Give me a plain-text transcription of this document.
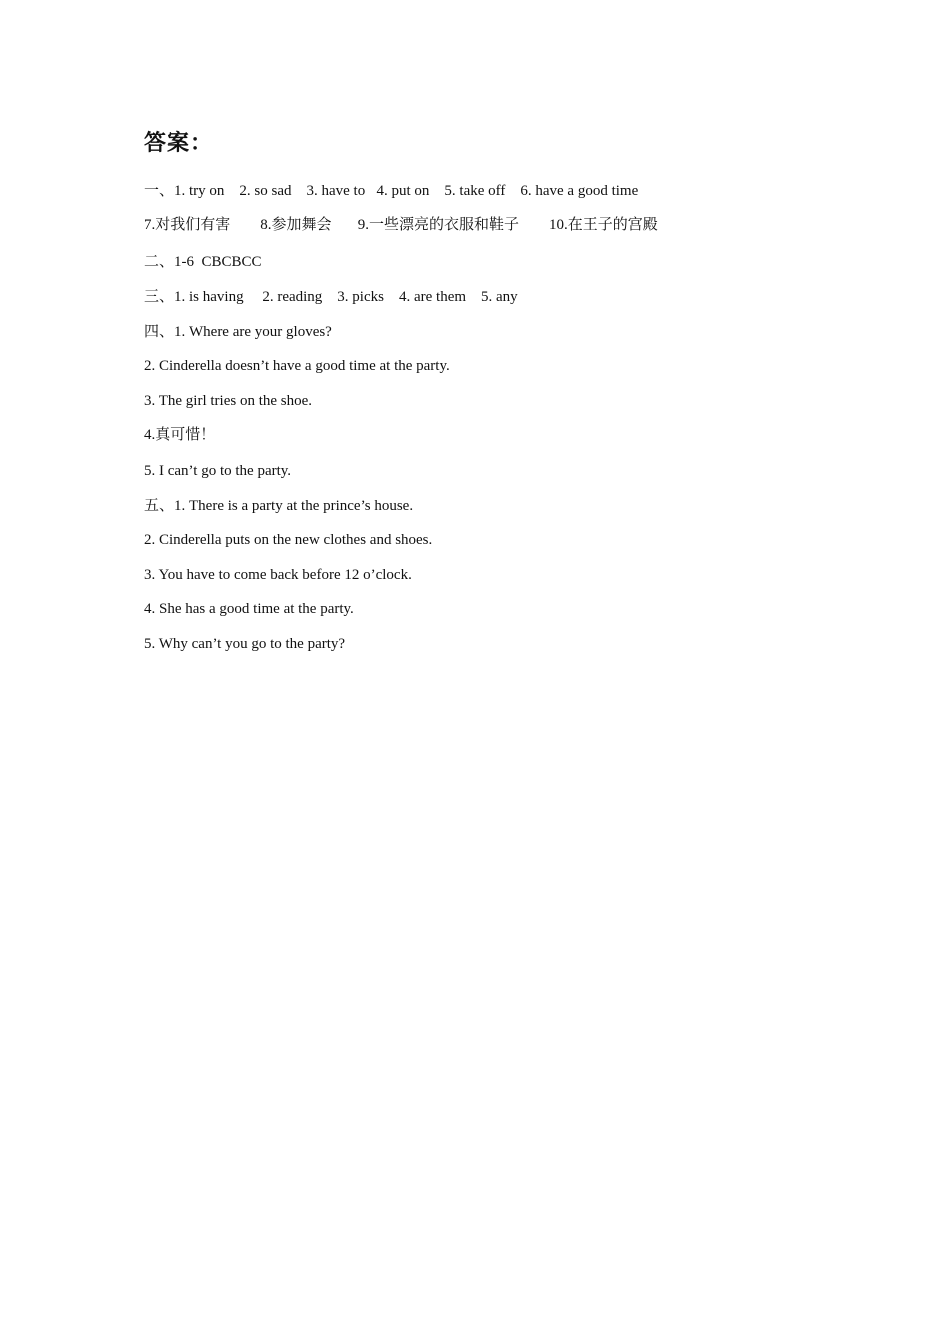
答案：
一、1. try on    2. so sad    3. have to   4. put on    5. take off    6. have a good time
7.对我们有害        8.参加舞会       9.一些漂亮的衣服和鞋子        10.在王子的宫殿
二、1-6  CBCBCC
三、1. is having     2. reading    3. picks    4. are them    5. any
四、1. Where are your gloves?
2. Cinderella doesn’t have a good time at the party.
3. The girl tries on the shoe.
4.真可惜！
5. I can’t go to the party.
五、1. There is a party at the prince’s house.
2. Cinderella puts on the new clothes and shoes.
3. You have to come back before 12 o’clock.
4. She has a good time at the party.
5. Why can’t you go to the party?
